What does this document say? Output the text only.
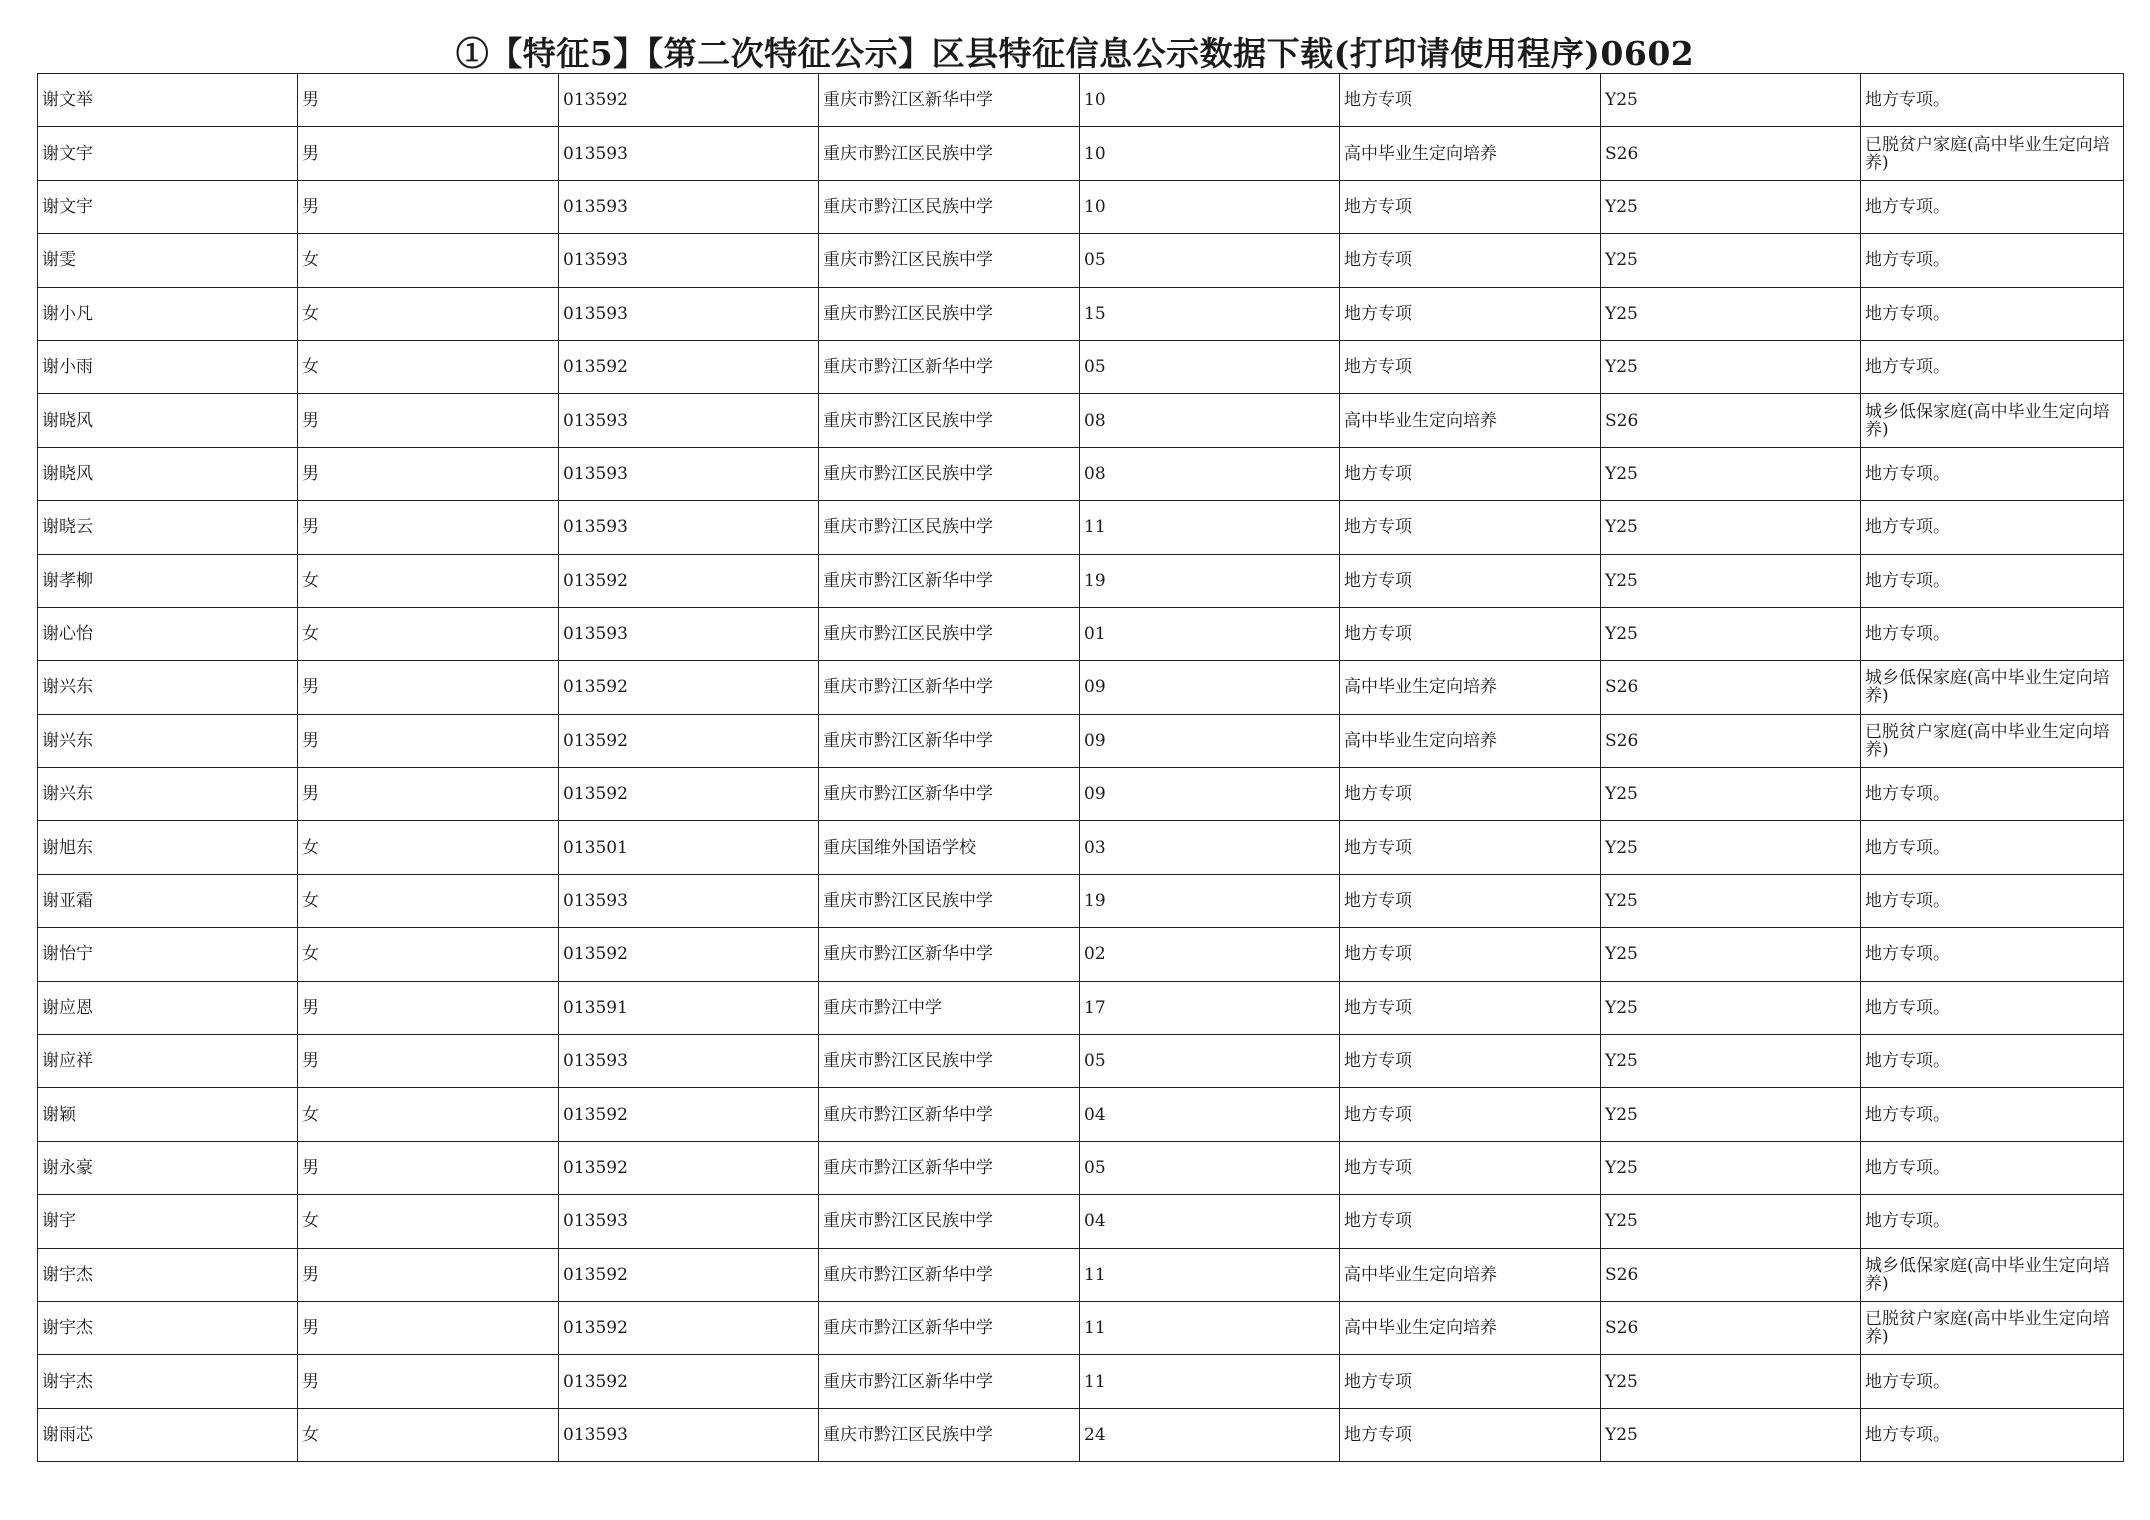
①【特征5】【第二次特征公示】区县特征信息公示数据下载(打印请使用程序)0602
谢文举	男	013592	重庆市黔江区新华中学	10	地方专项	Y25	地方专项。
谢文宇	男	013593	重庆市黔江区民族中学	10	高中毕业生定向培养	S26	已脱贫户家庭(高中毕业生定向培养)
谢文宇	男	013593	重庆市黔江区民族中学	10	地方专项	Y25	地方专项。
谢雯	女	013593	重庆市黔江区民族中学	05	地方专项	Y25	地方专项。
谢小凡	女	013593	重庆市黔江区民族中学	15	地方专项	Y25	地方专项。
谢小雨	女	013592	重庆市黔江区新华中学	05	地方专项	Y25	地方专项。
谢晓风	男	013593	重庆市黔江区民族中学	08	高中毕业生定向培养	S26	城乡低保家庭(高中毕业生定向培养)
谢晓风	男	013593	重庆市黔江区民族中学	08	地方专项	Y25	地方专项。
谢晓云	男	013593	重庆市黔江区民族中学	11	地方专项	Y25	地方专项。
谢孝柳	女	013592	重庆市黔江区新华中学	19	地方专项	Y25	地方专项。
谢心怡	女	013593	重庆市黔江区民族中学	01	地方专项	Y25	地方专项。
谢兴东	男	013592	重庆市黔江区新华中学	09	高中毕业生定向培养	S26	城乡低保家庭(高中毕业生定向培养)
谢兴东	男	013592	重庆市黔江区新华中学	09	高中毕业生定向培养	S26	已脱贫户家庭(高中毕业生定向培养)
谢兴东	男	013592	重庆市黔江区新华中学	09	地方专项	Y25	地方专项。
谢旭东	女	013501	重庆国维外国语学校	03	地方专项	Y25	地方专项。
谢亚霜	女	013593	重庆市黔江区民族中学	19	地方专项	Y25	地方专项。
谢怡宁	女	013592	重庆市黔江区新华中学	02	地方专项	Y25	地方专项。
谢应恩	男	013591	重庆市黔江中学	17	地方专项	Y25	地方专项。
谢应祥	男	013593	重庆市黔江区民族中学	05	地方专项	Y25	地方专项。
谢颖	女	013592	重庆市黔江区新华中学	04	地方专项	Y25	地方专项。
谢永豪	男	013592	重庆市黔江区新华中学	05	地方专项	Y25	地方专项。
谢宇	女	013593	重庆市黔江区民族中学	04	地方专项	Y25	地方专项。
谢宇杰	男	013592	重庆市黔江区新华中学	11	高中毕业生定向培养	S26	城乡低保家庭(高中毕业生定向培养)
谢宇杰	男	013592	重庆市黔江区新华中学	11	高中毕业生定向培养	S26	已脱贫户家庭(高中毕业生定向培养)
谢宇杰	男	013592	重庆市黔江区新华中学	11	地方专项	Y25	地方专项。
谢雨芯	女	013593	重庆市黔江区民族中学	24	地方专项	Y25	地方专项。
